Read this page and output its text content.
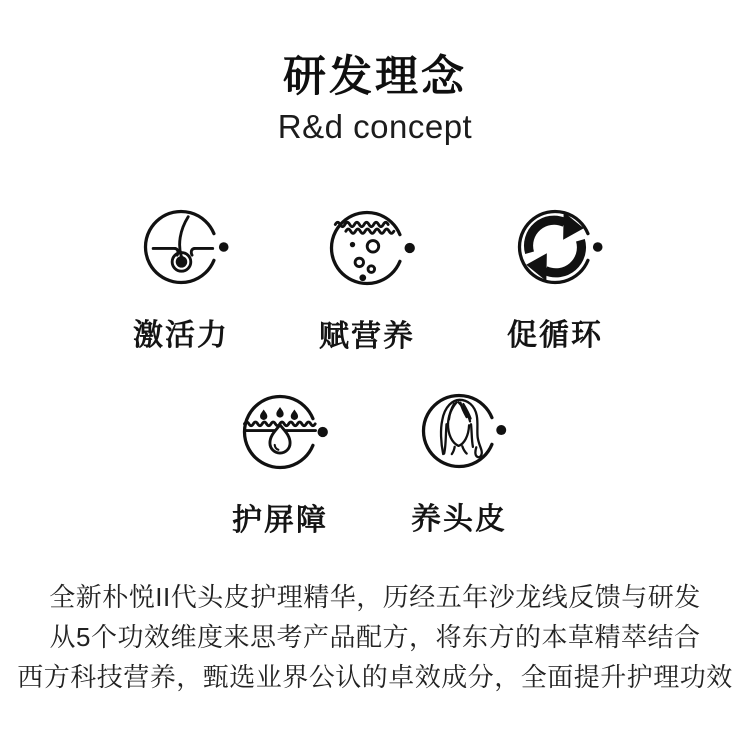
研发理念
R&d concept
激活力	赋营养	促循环
护屏障	养头皮
全新朴悦II代头皮护理精华，历经五年沙龙线反馈与研发
从5个功效维度来思考产品配方，将东方的本草精萃结合
西方科技营养，甄选业界公认的卓效成分，全面提升护理功效
